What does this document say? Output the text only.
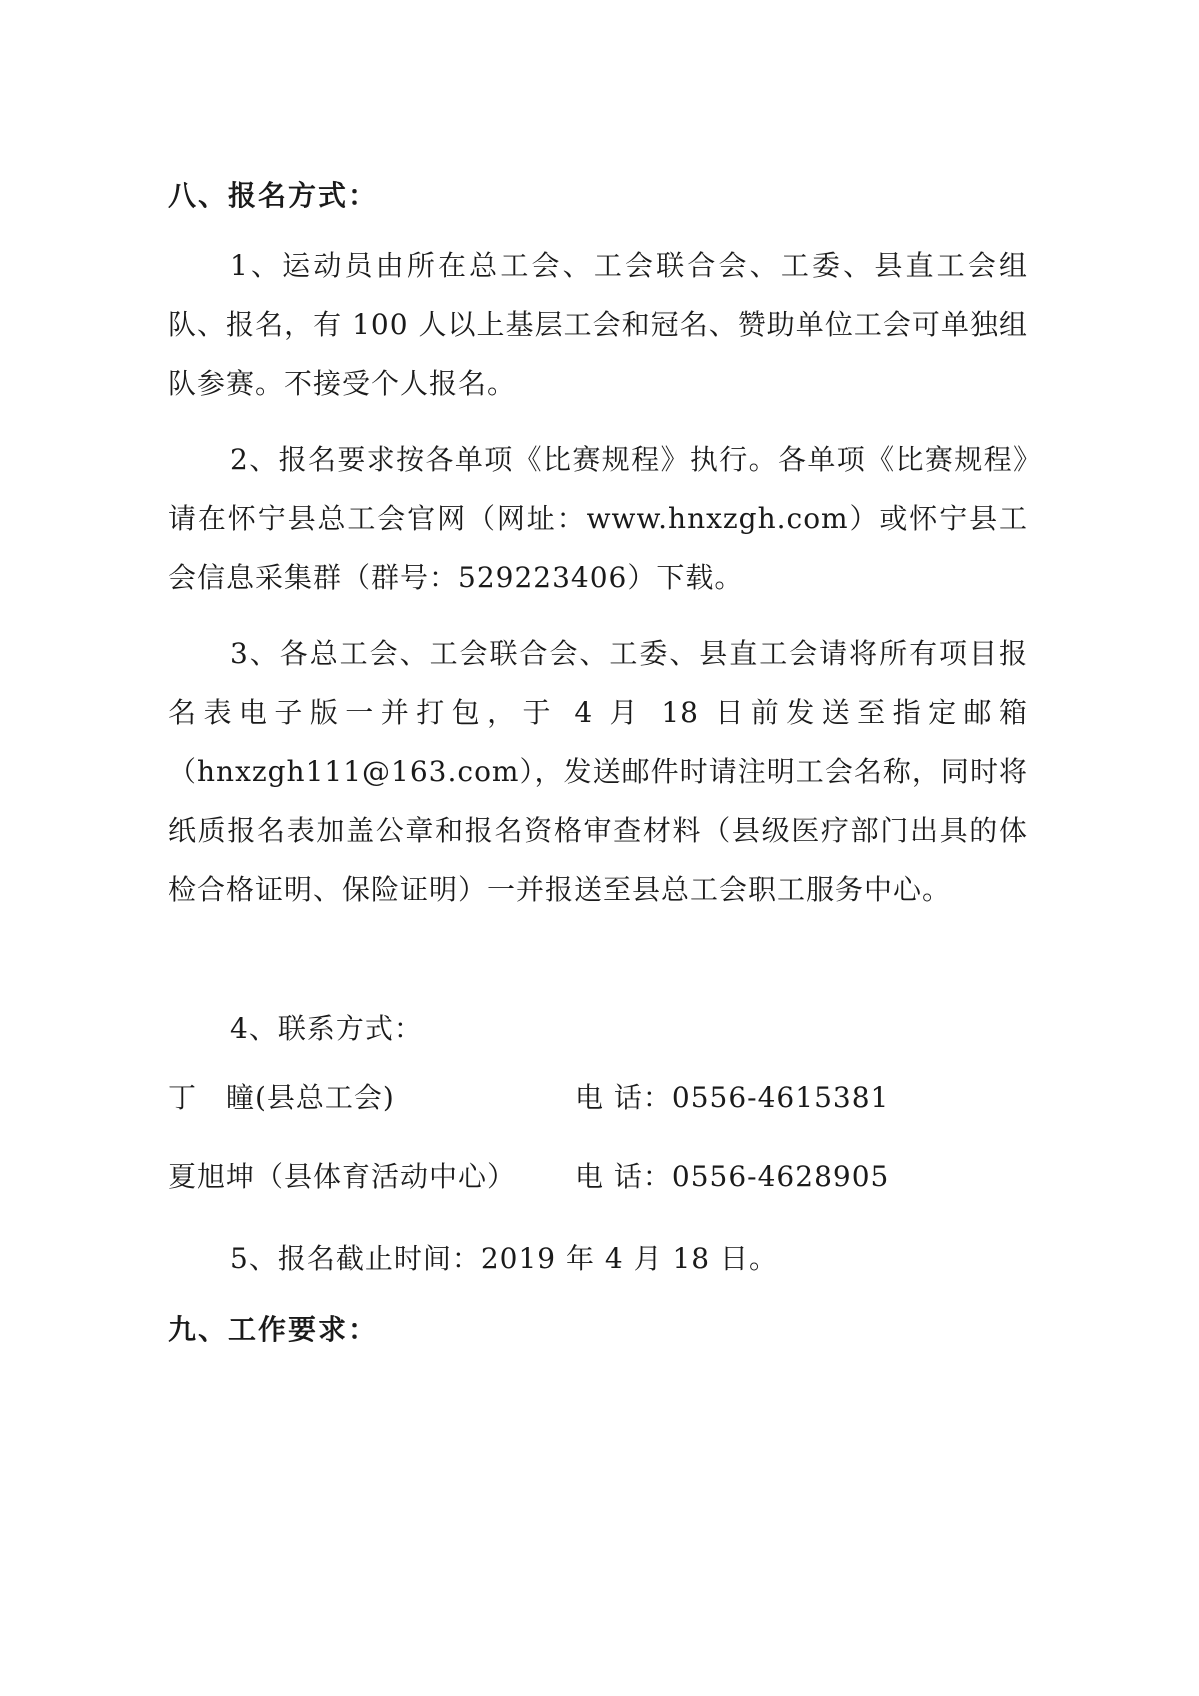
八、报名方式：
1、运动员由所在总工会、工会联合会、工委、县直工会组队、报名，有 100 人以上基层工会和冠名、赞助单位工会可单独组队参赛。不接受个人报名。
2、报名要求按各单项《比赛规程》执行。各单项《比赛规程》请在怀宁县总工会官网（网址：www.hnxzgh.com）或怀宁县工会信息采集群（群号：529223406）下载。
3、各总工会、工会联合会、工委、县直工会请将所有项目报名表电子版一并打包，于 4 月 18 日前发送至指定邮箱（hnxzgh111@163.com），发送邮件时请注明工会名称，同时将纸质报名表加盖公章和报名资格审查材料（县级医疗部门出具的体检合格证明、保险证明）一并报送至县总工会职工服务中心。
4、联系方式：
丁　瞳(县总工会)	电 话：0556-4615381
夏旭坤（县体育活动中心） 电 话：0556-4628905
5、报名截止时间：2019 年 4 月 18 日。
九、工作要求：
